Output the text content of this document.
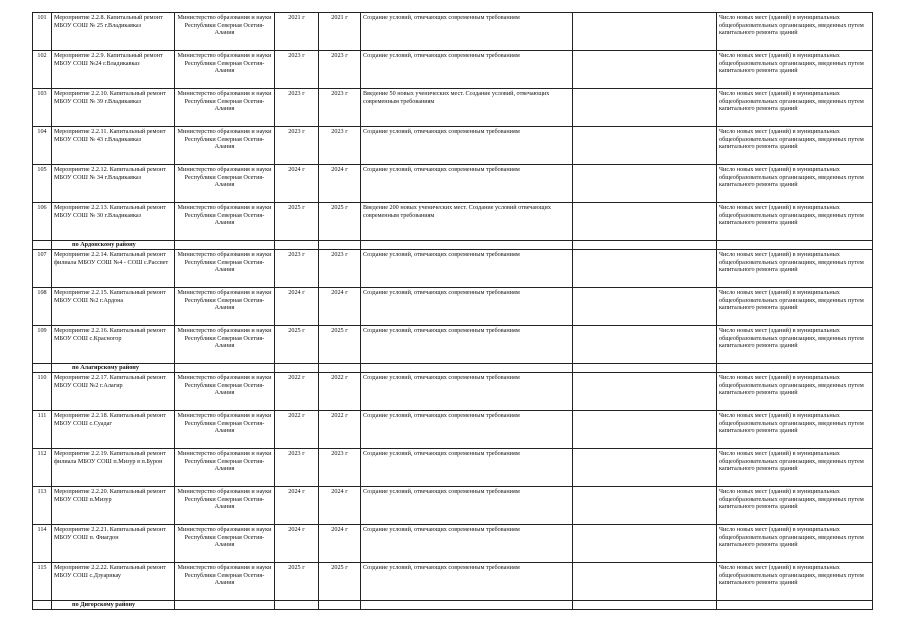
101	Мероприятие 2.2.8. Капитальный ремонт МБОУ СОШ № 25 г.Владикавказ	Министерство образования и науки Республики Северная Осетия-Алания	2021 г	2021 г	Создание условий, отвечающих современным требованиям		Число новых мест (зданий) в муниципальных общеобразовательных организациях, введенных путем капитального ремонта зданий
102	Мероприятие 2.2.9. Капитальный ремонт МБОУ СОШ №24 г.Владикавказ	Министерство образования и науки Республики Северная Осетия-Алания	2023 г	2023 г	Создание условий, отвечающих современным требованиям		Число новых мест (зданий) в муниципальных общеобразовательных организациях, введенных путем капитального ремонта зданий
103	Мероприятие 2.2.10. Капитальный ремонт МБОУ СОШ № 39 г.Владикавказ	Министерство образования и науки Республики Северная Осетия-Алания	2023 г	2023 г	Введение 50 новых ученических мест. Создание условий, отвечающих современным требованиям		Число новых мест (зданий) в муниципальных общеобразовательных организациях, введенных путем капитального ремонта зданий
104	Мероприятие 2.2.11. Капитальный ремонт МБОУ СОШ № 43 г.Владикавказ	Министерство образования и науки Республики Северная Осетия-Алания	2023 г	2023 г	Создание условий, отвечающих современным требованиям		Число новых мест (зданий) в муниципальных общеобразовательных организациях, введенных путем капитального ремонта зданий
105	Мероприятие 2.2.12. Капитальный ремонт МБОУ СОШ № 34 г.Владикавказ	Министерство образования и науки Республики Северная Осетия-Алания	2024 г	2024 г	Создание условий, отвечающих современным требованиям		Число новых мест (зданий) в муниципальных общеобразовательных организациях, введенных путем капитального ремонта зданий
106	Мероприятие 2.2.13. Капитальный ремонт МБОУ СОШ № 30 г.Владикавказ	Министерство образования и науки Республики Северная Осетия-Алания	2025 г	2025 г	Введение 200 новых ученических мест. Создание условий отвечающих современным требованиям		Число новых мест (зданий) в муниципальных общеобразовательных организациях, введенных путем капитального ремонта зданий
	по Ардонскому району						
107	Мероприятие 2.2.14. Капитальный ремонт филиала МБОУ СОШ №4 - СОШ с.Рассвет	Министерство образования и науки Республики Северная Осетия-Алания	2023 г	2023 г	Создание условий, отвечающих современным требованиям		Число новых мест (зданий) в муниципальных общеобразовательных организациях, введенных путем капитального ремонта зданий
108	Мероприятие 2.2.15. Капитальный ремонт МБОУ СОШ №2 г.Ардона	Министерство образования и науки Республики Северная Осетия-Алания	2024 г	2024 г	Создание условий, отвечающих современным требованиям		Число новых мест (зданий) в муниципальных общеобразовательных организациях, введенных путем капитального ремонта зданий
109	Мероприятие 2.2.16. Капитальный ремонт МБОУ СОШ с.Красногор	Министерство образования и науки Республики Северная Осетия-Алания	2025 г	2025 г	Создание условий, отвечающих современным требованиям		Число новых мест (зданий) в муниципальных общеобразовательных организациях, введенных путем капитального ремонта зданий
	по Алагирскому району						
110	Мероприятие 2.2.17. Капитальный ремонт МБОУ СОШ №2 г.Алагир	Министерство образования и науки Республики Северная Осетия-Алания	2022 г	2022 г	Создание условий, отвечающих современным требованиям		Число новых мест (зданий) в муниципальных общеобразовательных организациях, введенных путем капитального ремонта зданий
111	Мероприятие 2.2.18. Капитальный ремонт МБОУ СОШ с.Суадаг	Министерство образования и науки Республики Северная Осетия-Алания	2022 г	2022 г	Создание условий, отвечающих современным требованиям		Число новых мест (зданий) в муниципальных общеобразовательных организациях, введенных путем капитального ремонта зданий
112	Мероприятие 2.2.19. Капитальный ремонт филиала МБОУ СОШ п.Мизур в п.Бурон	Министерство образования и науки Республики Северная Осетия-Алания	2023 г	2023 г	Создание условий, отвечающих современным требованиям		Число новых мест (зданий) в муниципальных общеобразовательных организациях, введенных путем капитального ремонта зданий
113	Мероприятие 2.2.20. Капитальный ремонт МБОУ СОШ п.Мизур	Министерство образования и науки Республики Северная Осетия-Алания	2024 г	2024 г	Создание условий, отвечающих современным требованиям		Число новых мест (зданий) в муниципальных общеобразовательных организациях, введенных путем капитального ремонта зданий
114	Мероприятие 2.2.21. Капитальный ремонт МБОУ СОШ п. Фиагдон	Министерство образования и науки Республики Северная Осетия-Алания	2024 г	2024 г	Создание условий, отвечающих современным требованиям		Число новых мест (зданий) в муниципальных общеобразовательных организациях, введенных путем капитального ремонта зданий
115	Мероприятие 2.2.22. Капитальный ремонт МБОУ СОШ с.Дзуарикау	Министерство образования и науки Республики Северная Осетия-Алания	2025 г	2025 г	Создание условий, отвечающих современным требованиям		Число новых мест (зданий) в муниципальных общеобразовательных организациях, введенных путем капитального ремонта зданий
	по Дигорскому району						
